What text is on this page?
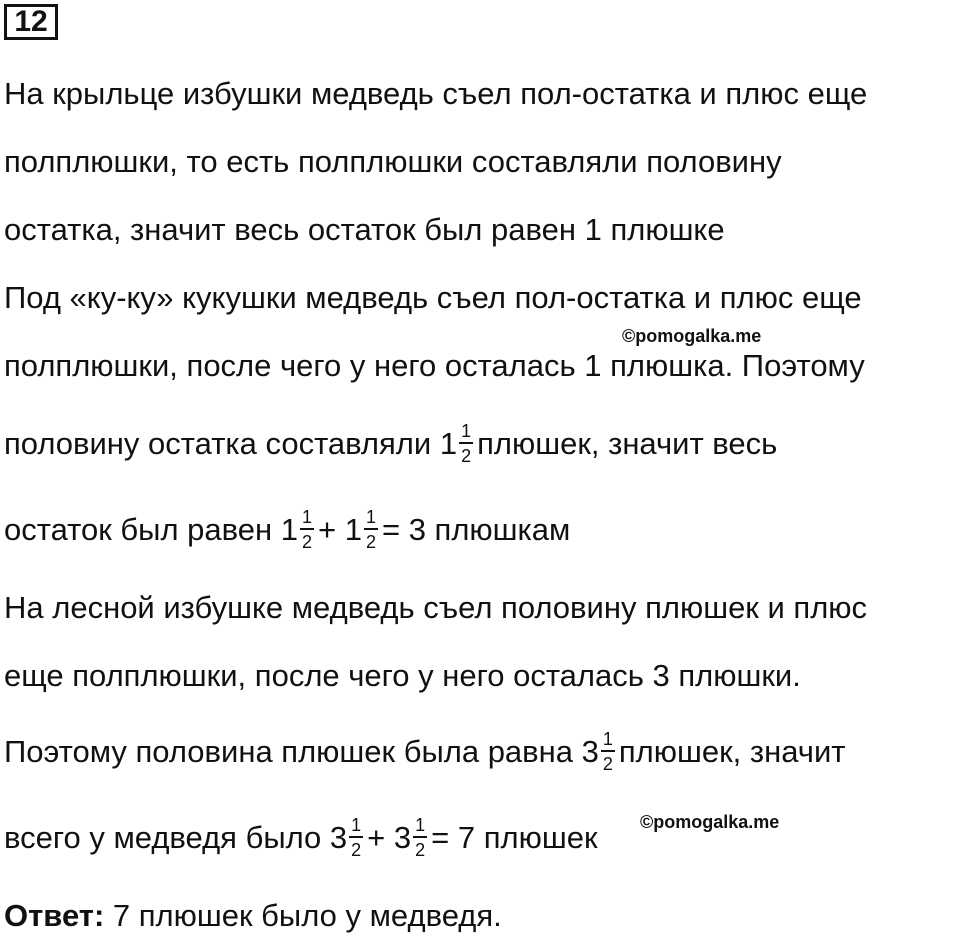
12
На крыльце избушки медведь съел пол-остатка и плюс еще
полплюшки, то есть полплюшки составляли половину
остатка, значит весь остаток был равен 1 плюшке
Под «ку-ку» кукушки медведь съел пол-остатка и плюс еще
©pomogalka.me
полплюшки, после чего у него осталась 1 плюшка. Поэтому
половину остатка составляли $1 \frac{1}{2}$ плюшек, значит весь
остаток был равен $1 \frac{1}{2} + 1 \frac{1}{2} = 3$ плюшкам
На лесной избушке медведь съел половину плюшек и плюс
еще полплюшки, после чего у него осталась 3 плюшки.
Поэтому половина плюшек была равна $3 \frac{1}{2}$ плюшек, значит
©pomogalka.me
всего у медведя было $3 \frac{1}{2} + 3 \frac{1}{2} = 7$ плюшек
Ответ: 7 плюшек было у медведя.
